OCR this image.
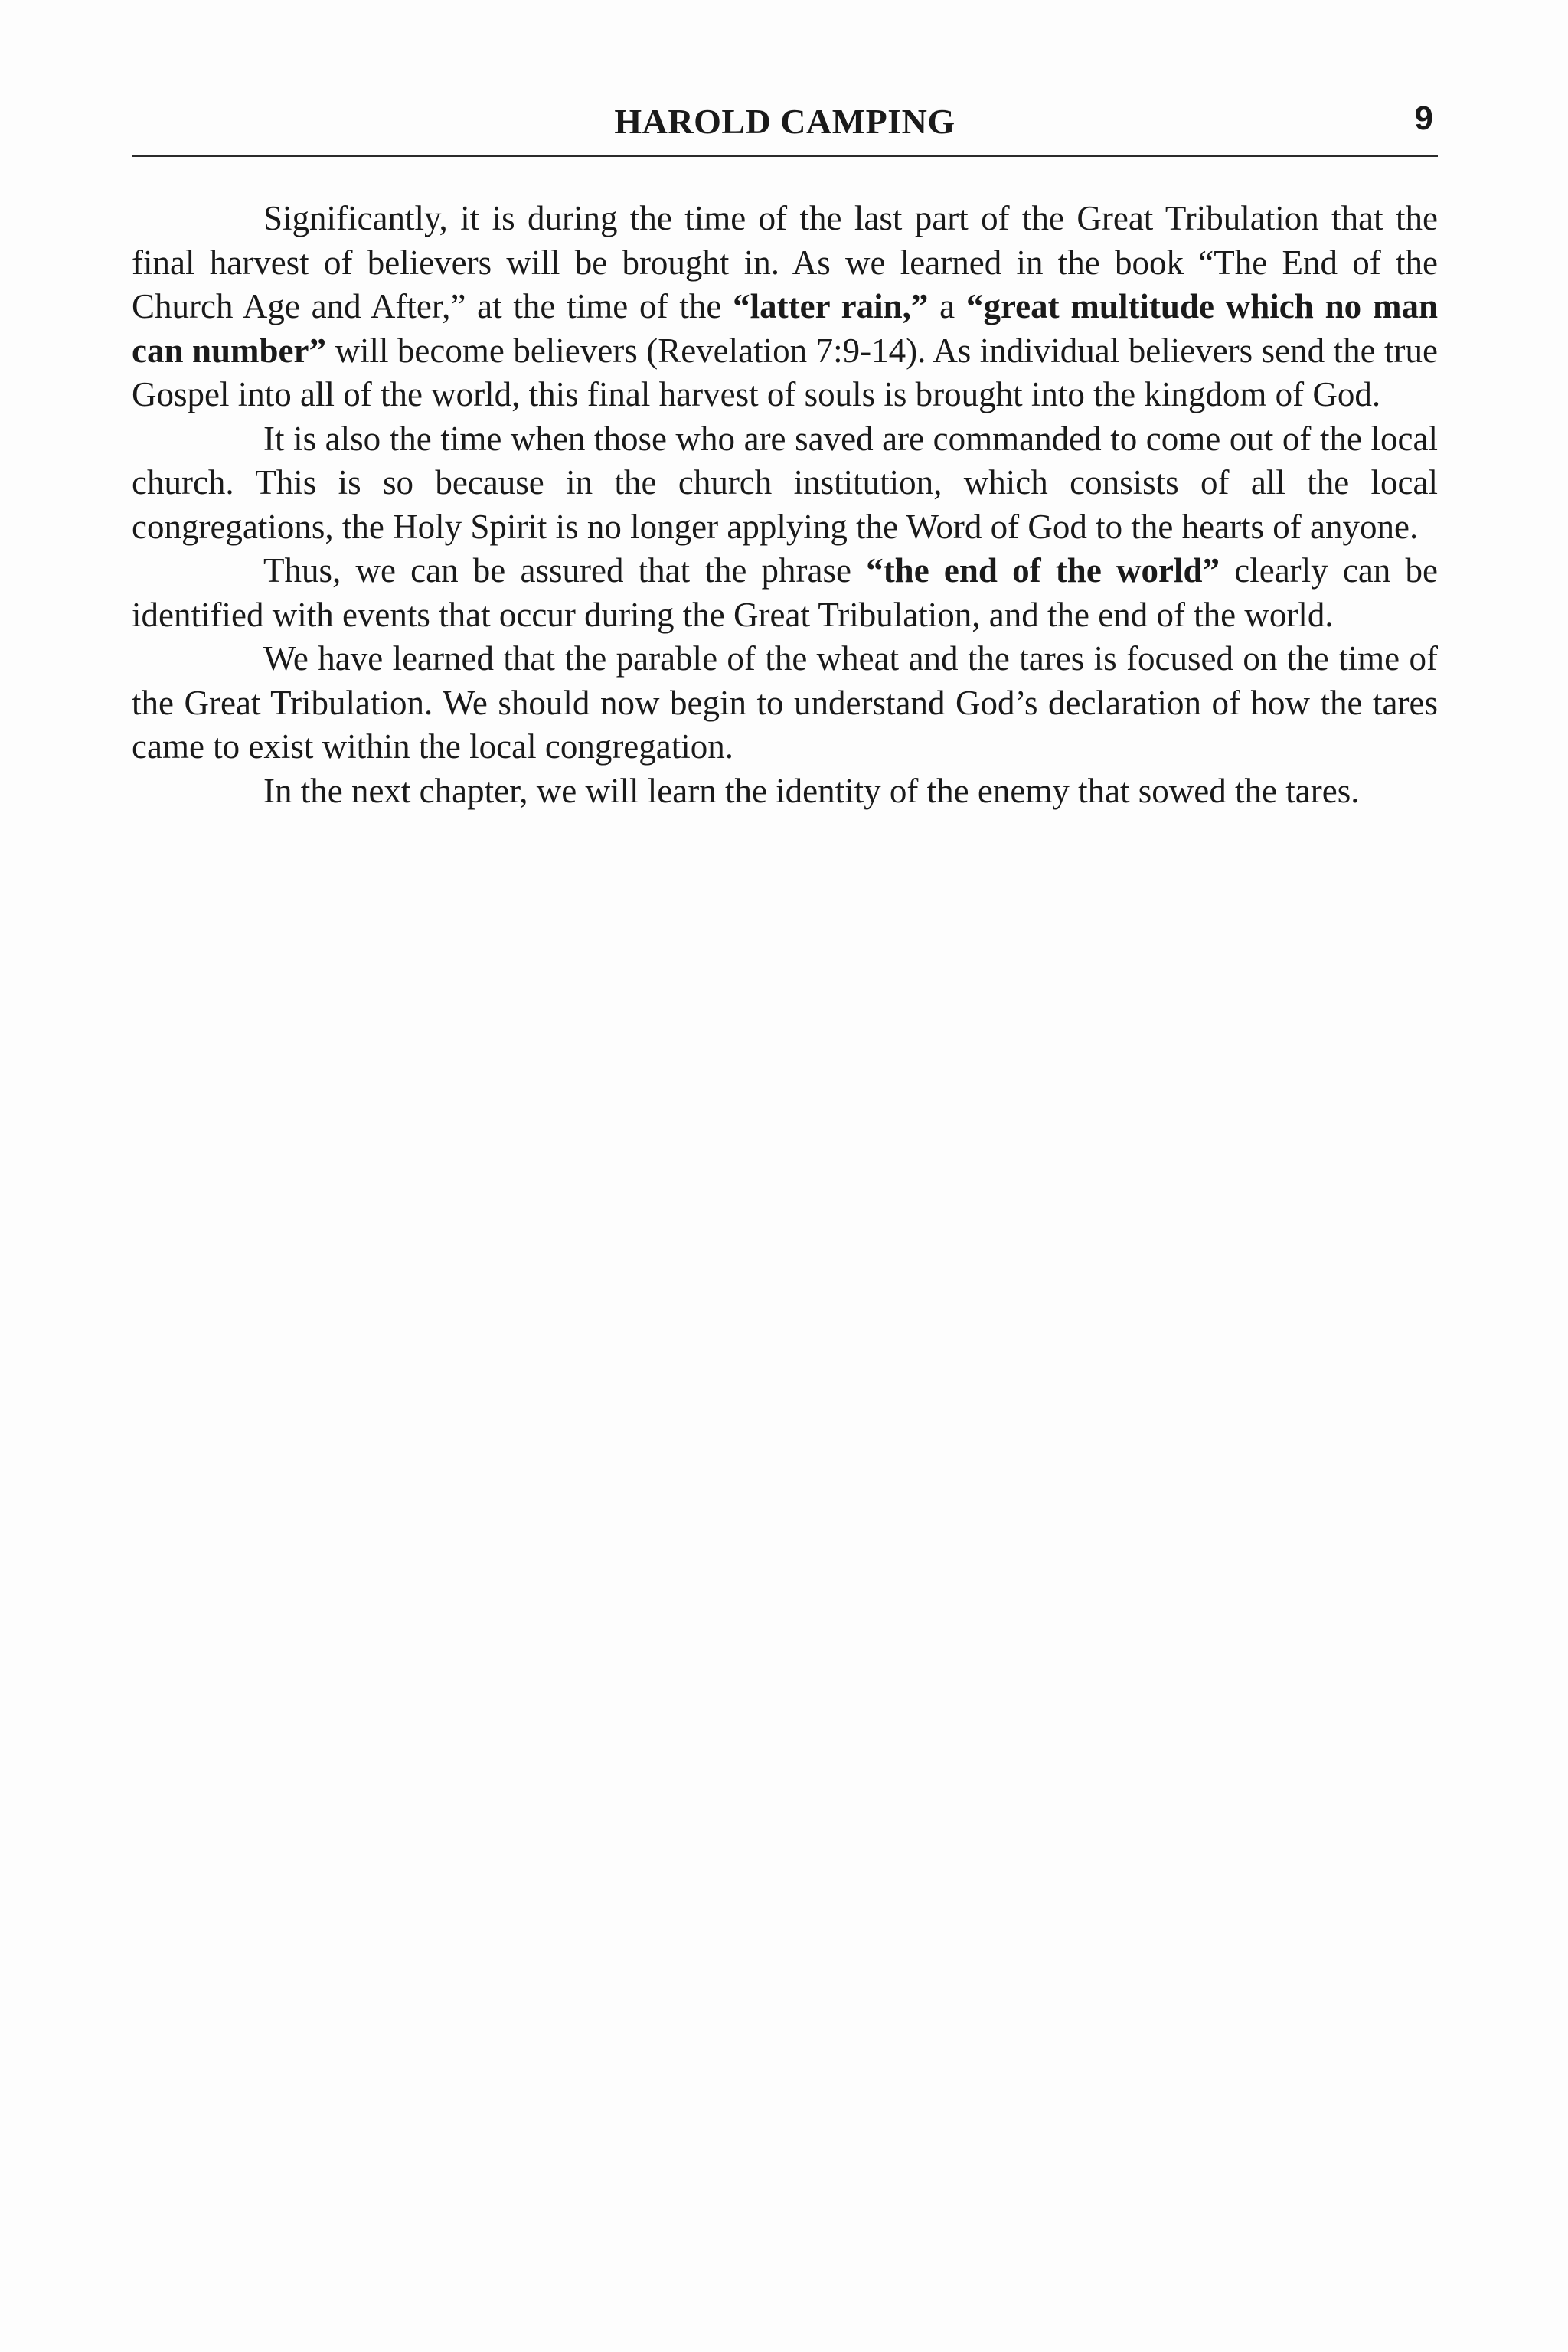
HAROLD CAMPING	9

Significantly, it is during the time of the last part of the Great Tribulation that the final harvest of believers will be brought in. As we learned in the book “The End of the Church Age and After,” at the time of the “latter rain,” a “great multitude which no man can number” will become believers (Revelation 7:9-14). As individual believers send the true Gospel into all of the world, this final harvest of souls is brought into the kingdom of God.

It is also the time when those who are saved are commanded to come out of the local church. This is so because in the church institution, which consists of all the local congregations, the Holy Spirit is no longer applying the Word of God to the hearts of anyone.

Thus, we can be assured that the phrase “the end of the world” clearly can be identified with events that occur during the Great Tribulation, and the end of the world.

We have learned that the parable of the wheat and the tares is focused on the time of the Great Tribulation. We should now begin to understand God’s declaration of how the tares came to exist within the local congregation.

In the next chapter, we will learn the identity of the enemy that sowed the tares.
